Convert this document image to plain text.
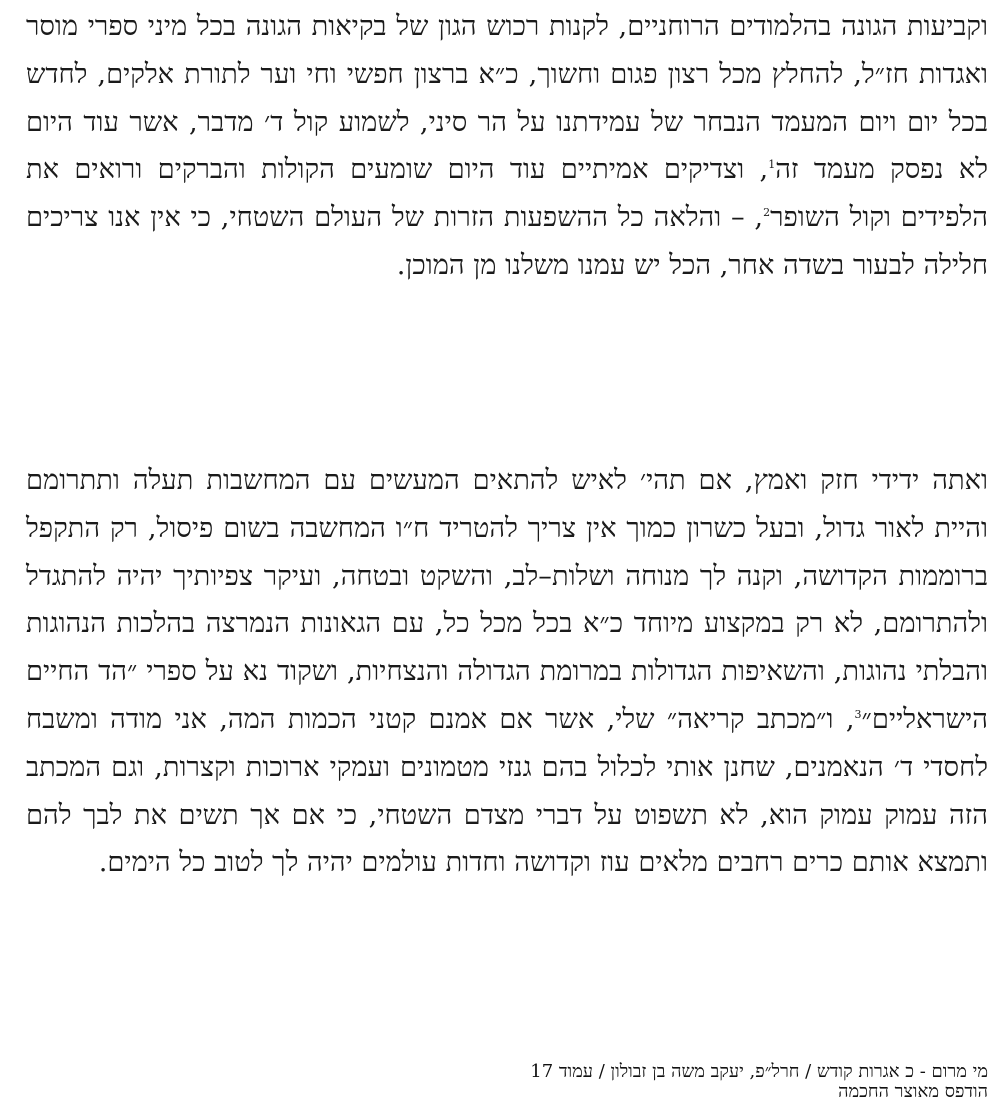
וקביעות הגונה בהלמודים הרוחניים, לקנות רכוש הגון של בקיאות הגונה בכל מיני ספרי מוסר ואגדות חז״ל, להחלץ מכל רצון פגום וחשוך, כ״א ברצון חפשי וחי וער לתורת אלקים, לחדש בכל יום ויום המעמד הנבחר של עמידתנו על הר סיני, לשמוע קול ד׳ מדבר, אשר עוד היום לא נפסק מעמד זה$^1$, וצדיקים אמיתיים עוד היום שומעים הקולות והברקים ורואים את הלפידים וקול השופר$^2$, – והלאה כל ההשפעות הזרות של העולם השטחי, כי אין אנו צריכים חלילה לבעור בשדה אחר, הכל יש עמנו משלנו מן המוכן.

ואתה ידידי חזק ואמץ, אם תהי׳ לאיש להתאים המעשים עם המחשבות תעלה ותתרומם והיית לאור גדול, ובעל כשרון כמוך אין צריך להטריד ח״ו המחשבה בשום פיסול, רק התקפל ברוממות הקדושה, וקנה לך מנוחה ושלות–לב, והשקט ובטחה, ועיקר צפיותיך יהיה להתגדל ולהתרומם, לא רק במקצוע מיוחד כ״א בכל מכל כל, עם הגאונות הנמרצה בהלכות הנהוגות והבלתי נהוגות, והשאיפות הגדולות במרומת הגדולה והנצחיות, ושקוד נא על ספרי ״הד החיים הישראליים״$^3$, ו״מכתב קריאה״ שלי, אשר אם אמנם קטני הכמות המה, אני מודה ומשבח לחסדי ד׳ הנאמנים, שחנן אותי לכלול בהם גנזי מטמונים ועמקי ארוכות וקצרות, וגם המכתב הזה עמוק עמוק הוא, לא תשפוט על דברי מצדם השטחי, כי אם אך תשים את לבך להם ותמצא אותם כרים רחבים מלאים עוז וקדושה וחדות עולמים יהיה לך לטוב כל הימים.

מי מרום - כ אגרות קודש / חרל״פ, יעקב משה בן זבולון / עמוד 17
הודפס מאוצר החכמה
